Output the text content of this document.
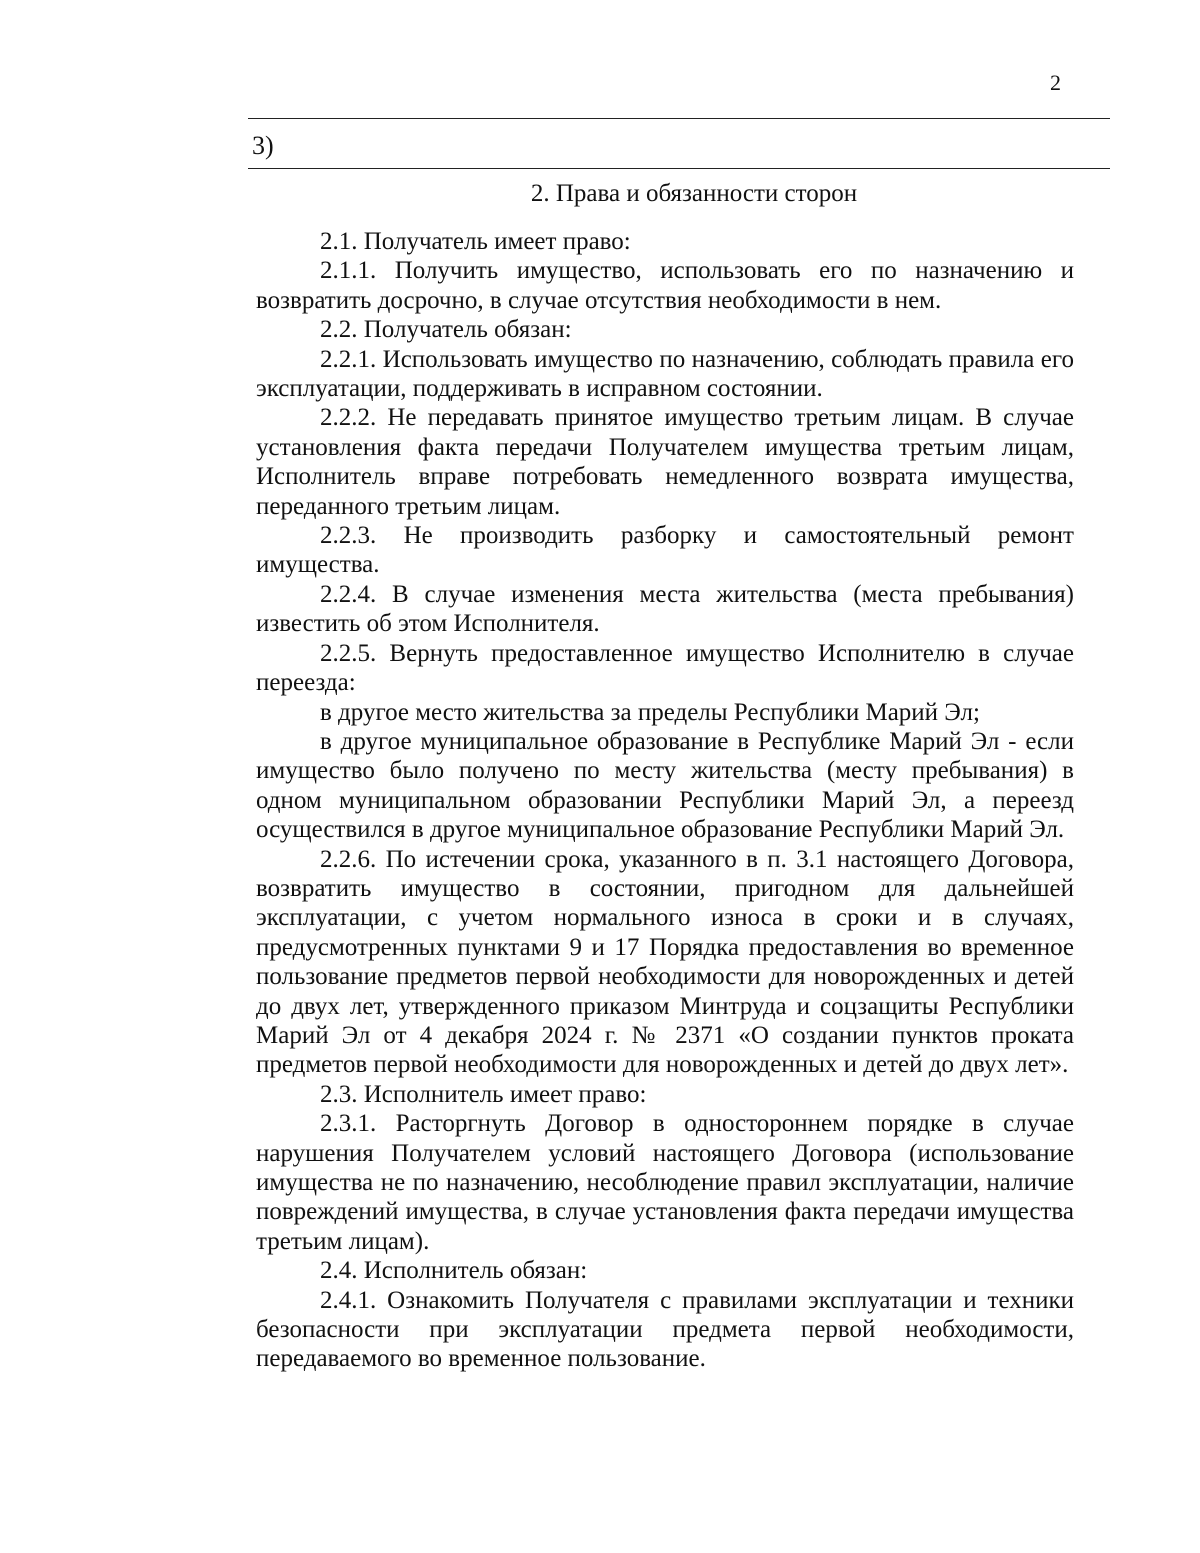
2
3)
2. Права и обязанности сторон

2.1. Получатель имеет право:

2.1.1. Получить имущество, использовать его по назначению и возвратить досрочно, в случае отсутствия необходимости в нем.

2.2. Получатель обязан:

2.2.1. Использовать имущество по назначению, соблюдать правила его эксплуатации, поддерживать в исправном состоянии.

2.2.2. Не передавать принятое имущество третьим лицам. В случае установления факта передачи Получателем имущества третьим лицам, Исполнитель вправе потребовать немедленного возврата имущества, переданного третьим лицам.

2.2.3. Не производить разборку и самостоятельный ремонт имущества.

2.2.4. В случае изменения места жительства (места пребывания) известить об этом Исполнителя.

2.2.5. Вернуть предоставленное имущество Исполнителю в случае переезда:

в другое место жительства за пределы Республики Марий Эл;

в другое муниципальное образование в Республике Марий Эл - если имущество было получено по месту жительства (месту пребывания) в одном муниципальном образовании Республики Марий Эл, а переезд осуществился в другое муниципальное образование Республики Марий Эл.

2.2.6. По истечении срока, указанного в п. 3.1 настоящего Договора, возвратить имущество в состоянии, пригодном для дальнейшей эксплуатации, с учетом нормального износа в сроки и в случаях, предусмотренных пунктами 9 и 17 Порядка предоставления во временное пользование предметов первой необходимости для новорожденных и детей до двух лет, утвержденного приказом Минтруда и соцзащиты Республики Марий Эл от 4 декабря 2024 г. № 2371 «О создании пунктов проката предметов первой необходимости для новорожденных и детей до двух лет».

2.3. Исполнитель имеет право:

2.3.1. Расторгнуть Договор в одностороннем порядке в случае нарушения Получателем условий настоящего Договора (использование имущества не по назначению, несоблюдение правил эксплуатации, наличие повреждений имущества, в случае установления факта передачи имущества третьим лицам).

2.4. Исполнитель обязан:

2.4.1. Ознакомить Получателя с правилами эксплуатации и техники безопасности при эксплуатации предмета первой необходимости, передаваемого во временное пользование.
